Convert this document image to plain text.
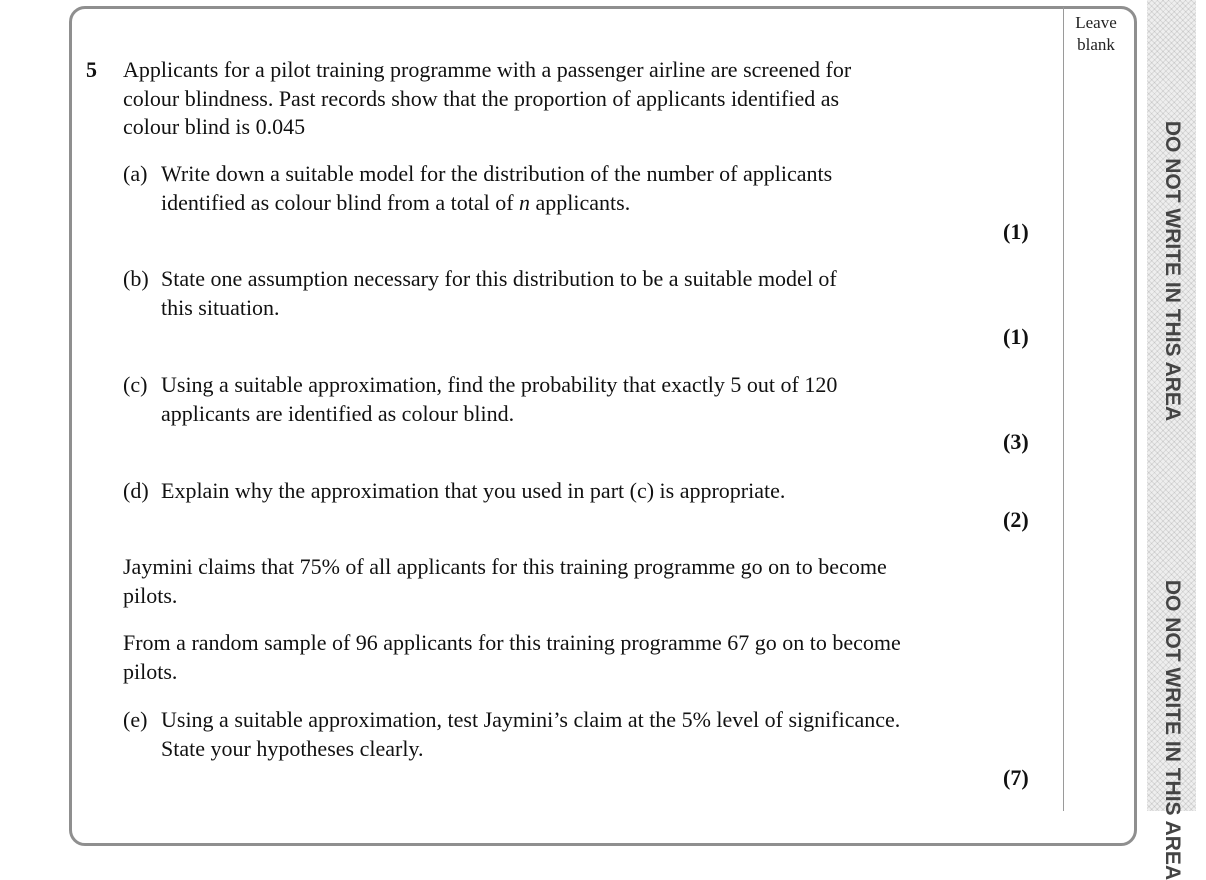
Leave
blank
DO NOT WRITE IN THIS AREA
DO NOT WRITE IN THIS AREA
5 Applicants for a pilot training programme with a passenger airline are screened for
colour blindness. Past records show that the proportion of applicants identified as
colour blind is 0.045
(a) Write down a suitable model for the distribution of the number of applicants
identified as colour blind from a total of n applicants.
(1)
(b) State one assumption necessary for this distribution to be a suitable model of
this situation.
(1)
(c) Using a suitable approximation, find the probability that exactly 5 out of 120
applicants are identified as colour blind.
(3)
(d) Explain why the approximation that you used in part (c) is appropriate.
(2)
Jaymini claims that 75% of all applicants for this training programme go on to become
pilots.
From a random sample of 96 applicants for this training programme 67 go on to become
pilots.
(e) Using a suitable approximation, test Jaymini’s claim at the 5% level of significance.
State your hypotheses clearly.
(7)
